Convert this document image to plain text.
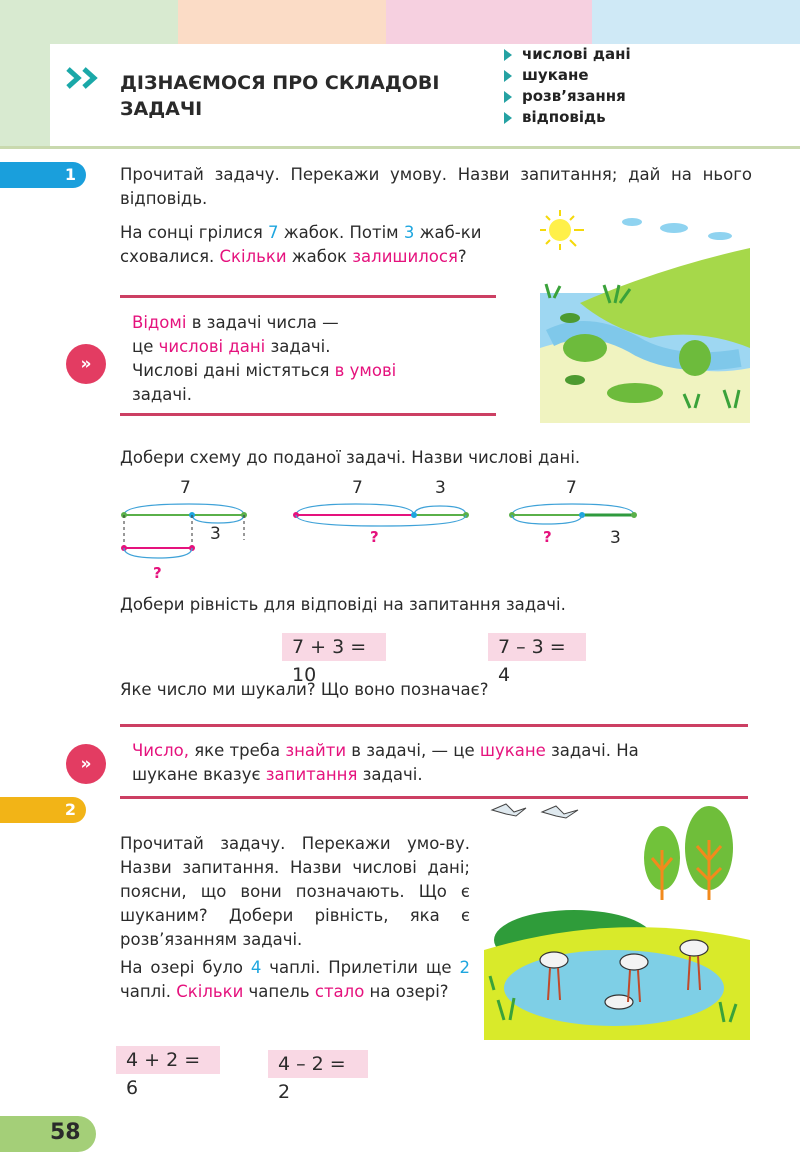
ДІЗНАЄМОСЯ ПРО СКЛАДОВІ ЗАДАЧІ
числові дані
шукане
розв’язання
відповідь
1	Прочитай задачу. Перекажи умову. Назви запитання; дай на нього відповідь.
На сонці грілися 7 жабок. Потім 3 жаб-ки сховалися. Скільки жабок залишилося?
»
Відомі в задачі числа —
це числові дані задачі.
Числові дані містяться в умові
задачі.
Добери схему до поданої задачі. Назви числові дані.
7
3
?
7	3
?
7
?	3
Добери рівність для відповіді на запитання задачі.
7 + 3 = 10
7 – 3 = 4
Яке число ми шукали? Що воно позначає?
»
Число, яке треба знайти в задачі, — це шукане задачі. На
шукане вказує запитання задачі.
2
Прочитай задачу. Перекажи умо-ву. Назви запитання. Назви числові дані; поясни, що вони позначають. Що є шуканим? Добери рівність, яка є розв’язанням задачі.
На озері було 4 чаплі. Прилетіли ще 2 чаплі. Скільки чапель стало на озері?
4 + 2 = 6
4 – 2 = 2
58
